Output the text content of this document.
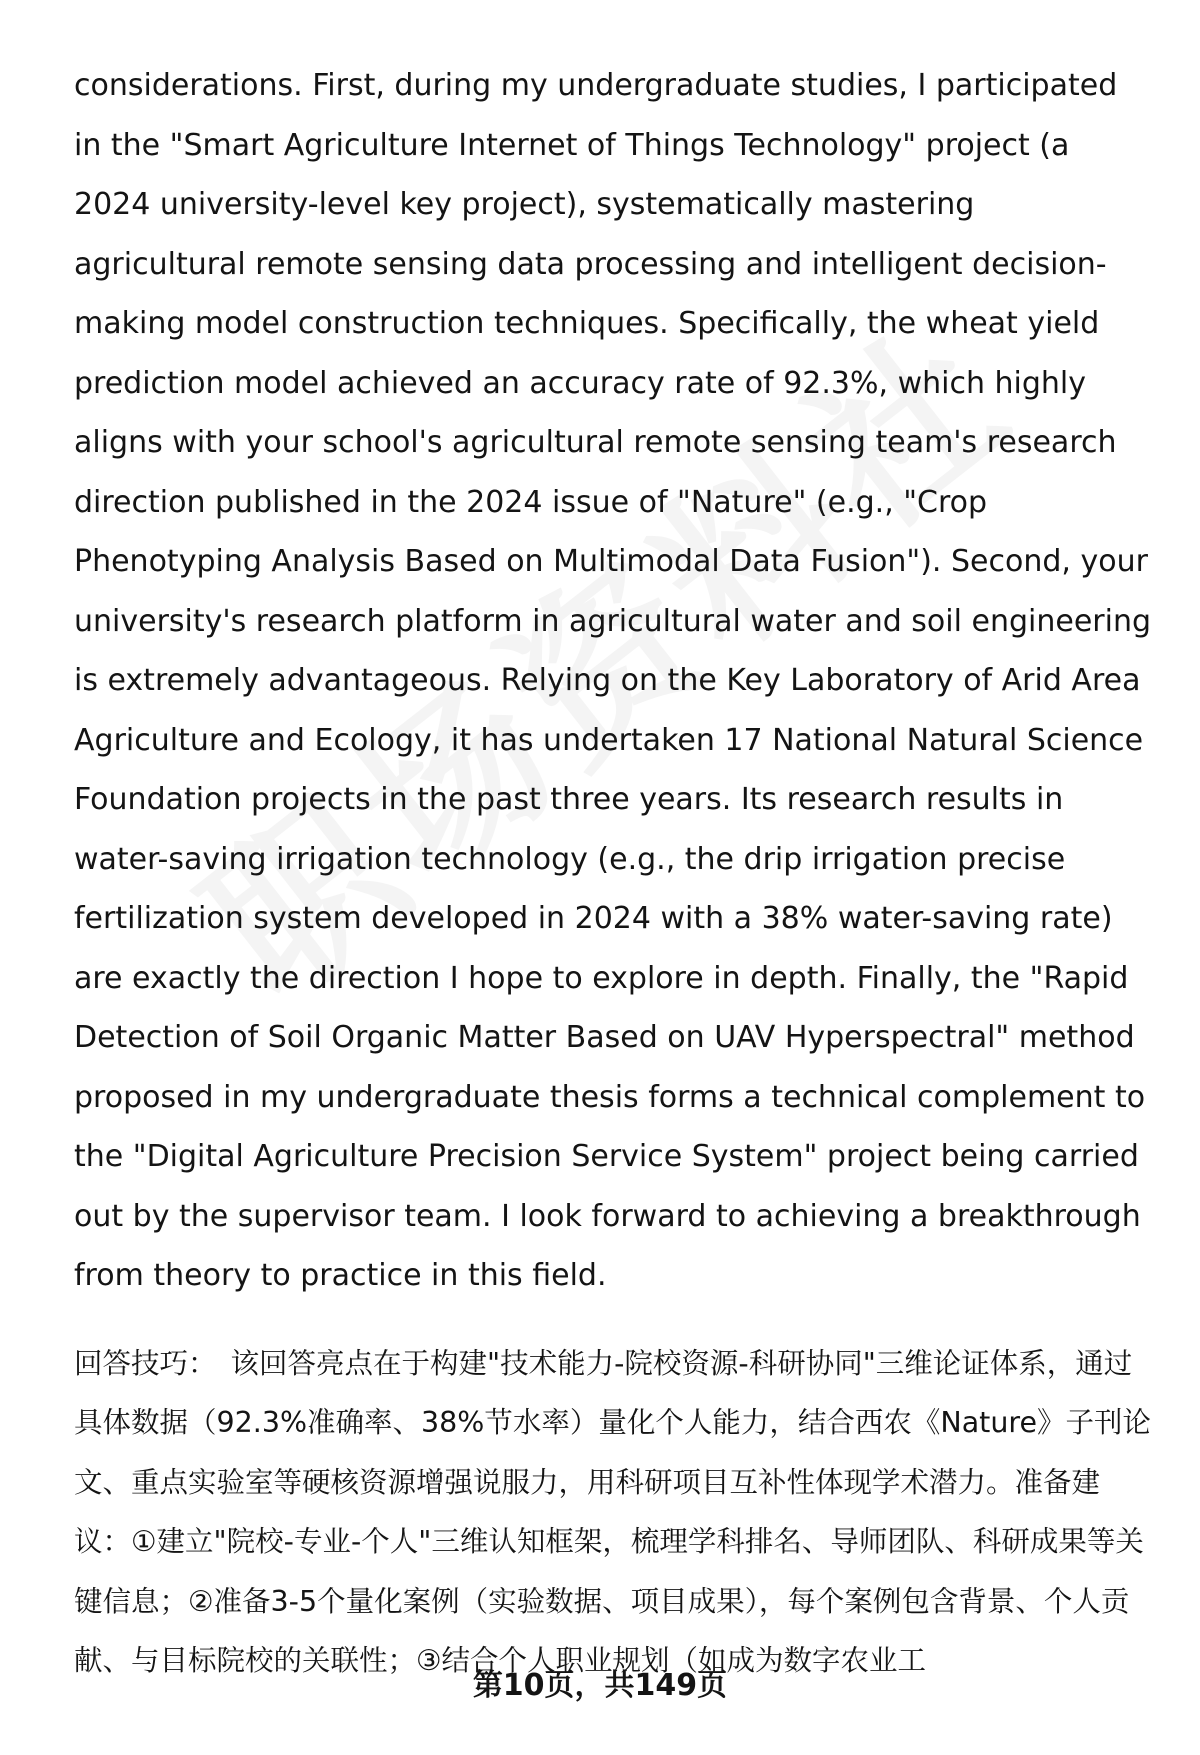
considerations. First, during my undergraduate studies, I participated in the "Smart Agriculture Internet of Things Technology" project (a 2024 university-level key project), systematically mastering agricultural remote sensing data processing and intelligent decision-making model construction techniques. Specifically, the wheat yield prediction model achieved an accuracy rate of 92.3%, which highly aligns with your school's agricultural remote sensing team's research direction published in the 2024 issue of "Nature" (e.g., "Crop Phenotyping Analysis Based on Multimodal Data Fusion"). Second, your university's research platform in agricultural water and soil engineering is extremely advantageous. Relying on the Key Laboratory of Arid Area Agriculture and Ecology, it has undertaken 17 National Natural Science Foundation projects in the past three years. Its research results in water-saving irrigation technology (e.g., the drip irrigation precise fertilization system developed in 2024 with a 38% water-saving rate) are exactly the direction I hope to explore in depth. Finally, the "Rapid Detection of Soil Organic Matter Based on UAV Hyperspectral" method proposed in my undergraduate thesis forms a technical complement to the "Digital Agriculture Precision Service System" project being carried out by the supervisor team. I look forward to achieving a breakthrough from theory to practice in this field.

回答技巧： 该回答亮点在于构建"技术能力-院校资源-科研协同"三维论证体系，通过具体数据（92.3%准确率、38%节水率）量化个人能力，结合西农《Nature》子刊论文、重点实验室等硬核资源增强说服力，用科研项目互补性体现学术潜力。准备建议：①建立"院校-专业-个人"三维认知框架，梳理学科排名、导师团队、科研成果等关键信息；②准备3-5个量化案例（实验数据、项目成果），每个案例包含背景、个人贡献、与目标院校的关联性；③结合个人职业规划（如成为数字农业工

第10页，共149页
